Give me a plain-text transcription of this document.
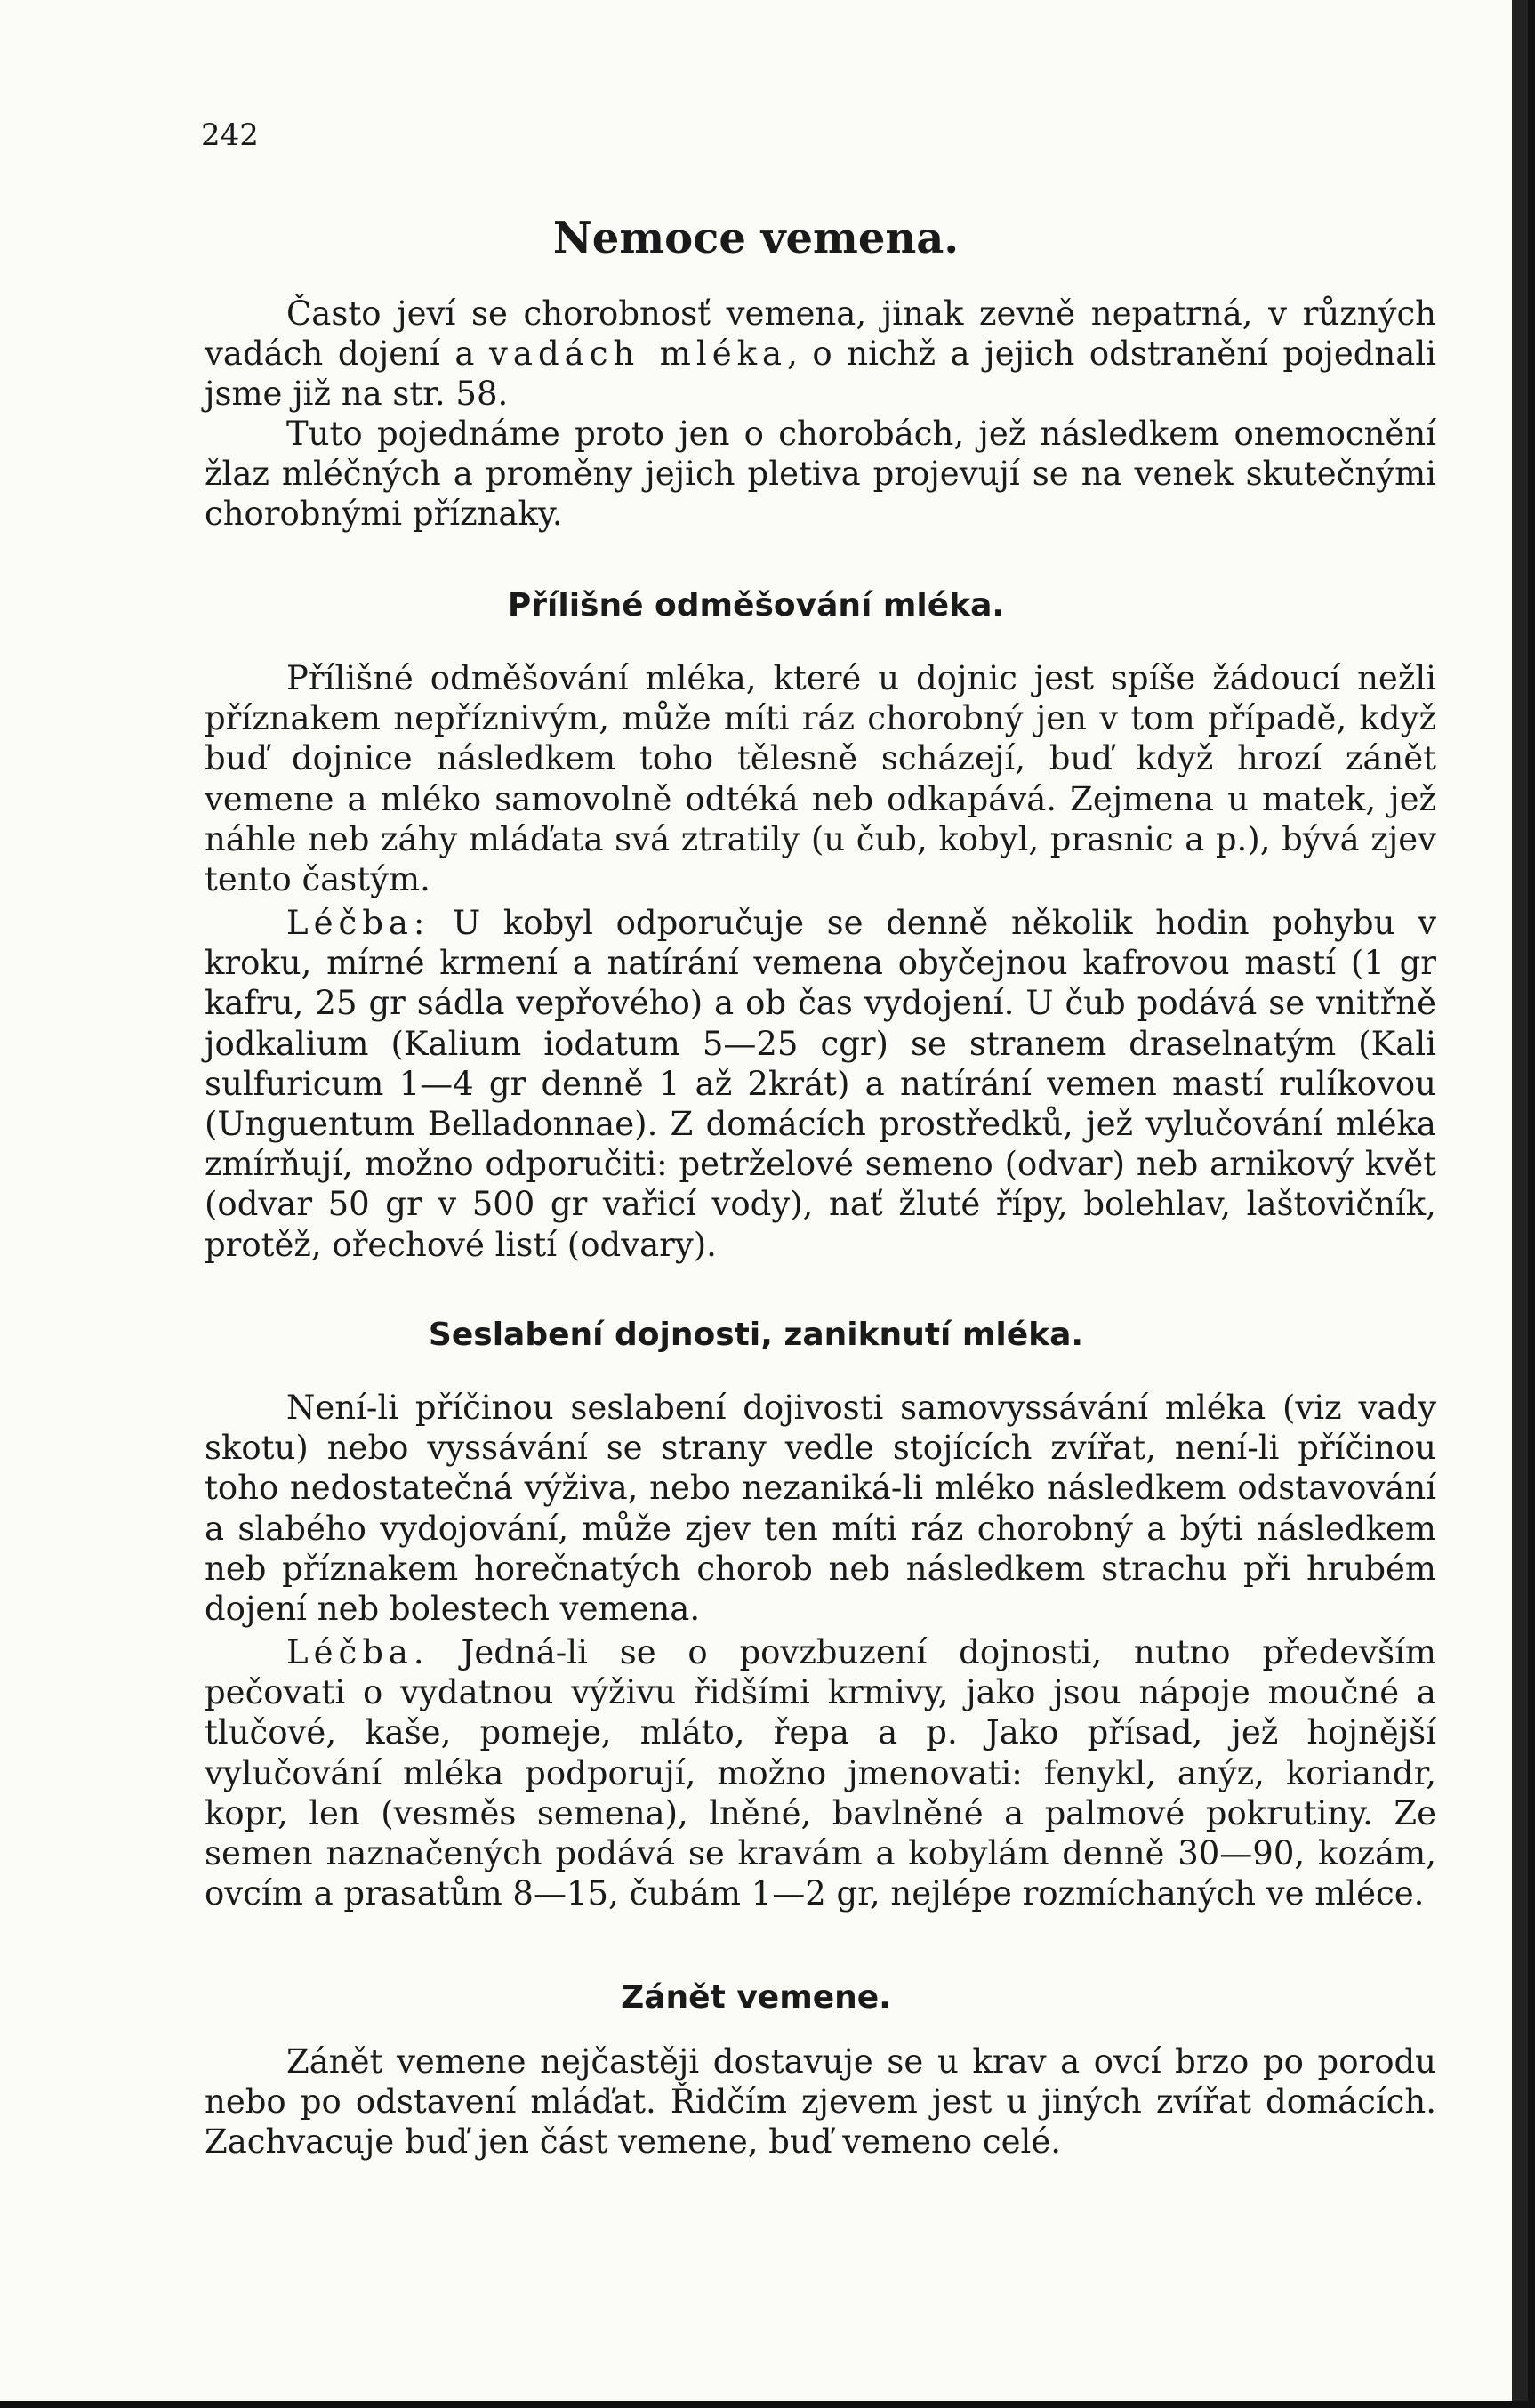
242
Nemoce vemena.

Často jeví se chorobnosť vemena, jinak zevně nepatrná, v různých vadách dojení a vadách mléka, o nichž a jejich odstranění pojednali jsme již na str. 58.

Tuto pojednáme proto jen o chorobách, jež následkem onemocnění žlaz mléčných a proměny jejich pletiva projevují se na venek skutečnými chorobnými příznaky.

Přílišné odměšování mléka.

Přílišné odměšování mléka, které u dojnic jest spíše žádoucí nežli příznakem nepříznivým, může míti ráz chorobný jen v tom případě, když buď dojnice následkem toho tělesně scházejí, buď když hrozí zánět vemene a mléko samovolně odtéká neb odkapává. Zejmena u matek, jež náhle neb záhy mláďata svá ztratily (u čub, kobyl, prasnic a p.), bývá zjev tento častým.

Léčba: U kobyl odporučuje se denně několik hodin pohybu v kroku, mírné krmení a natírání vemena obyčejnou kafrovou mastí (1 gr kafru, 25 gr sádla vepřového) a ob čas vydojení. U čub podává se vnitřně jodkalium (Kalium iodatum 5—25 cgr) se stranem draselnatým (Kali sulfuricum 1—4 gr denně 1 až 2krát) a natírání vemen mastí rulíkovou (Unguentum Belladonnae). Z domácích prostředků, jež vylučování mléka zmírňují, možno odporučiti: petrželové semeno (odvar) neb arnikový květ (odvar 50 gr v 500 gr vařicí vody), nať žluté řípy, bolehlav, laštovičník, protěž, ořechové listí (odvary).

Seslabení dojnosti, zaniknutí mléka.

Není-li příčinou seslabení dojivosti samovyssávání mléka (viz vady skotu) nebo vyssávání se strany vedle stojících zvířat, není-li příčinou toho nedostatečná výživa, nebo nezaniká-li mléko následkem odstavování a slabého vydojování, může zjev ten míti ráz chorobný a býti následkem neb příznakem horečnatých chorob neb následkem strachu při hrubém dojení neb bolestech vemena.

Léčba. Jedná-li se o povzbuzení dojnosti, nutno především pečovati o vydatnou výživu řidšími krmivy, jako jsou nápoje moučné a tlučové, kaše, pomeje, mláto, řepa a p. Jako přísad, jež hojnější vylučování mléka podporují, možno jmenovati: fenykl, anýz, koriandr, kopr, len (vesměs semena), lněné, bavlněné a palmové pokrutiny. Ze semen naznačených podává se kravám a kobylám denně 30—90, kozám, ovcím a prasatům 8—15, čubám 1—2 gr, nejlépe rozmíchaných ve mléce.

Zánět vemene.

Zánět vemene nejčastěji dostavuje se u krav a ovcí brzo po porodu nebo po odstavení mláďat. Řidčím zjevem jest u jiných zvířat domácích. Zachvacuje buď jen část vemene, buď vemeno celé.
